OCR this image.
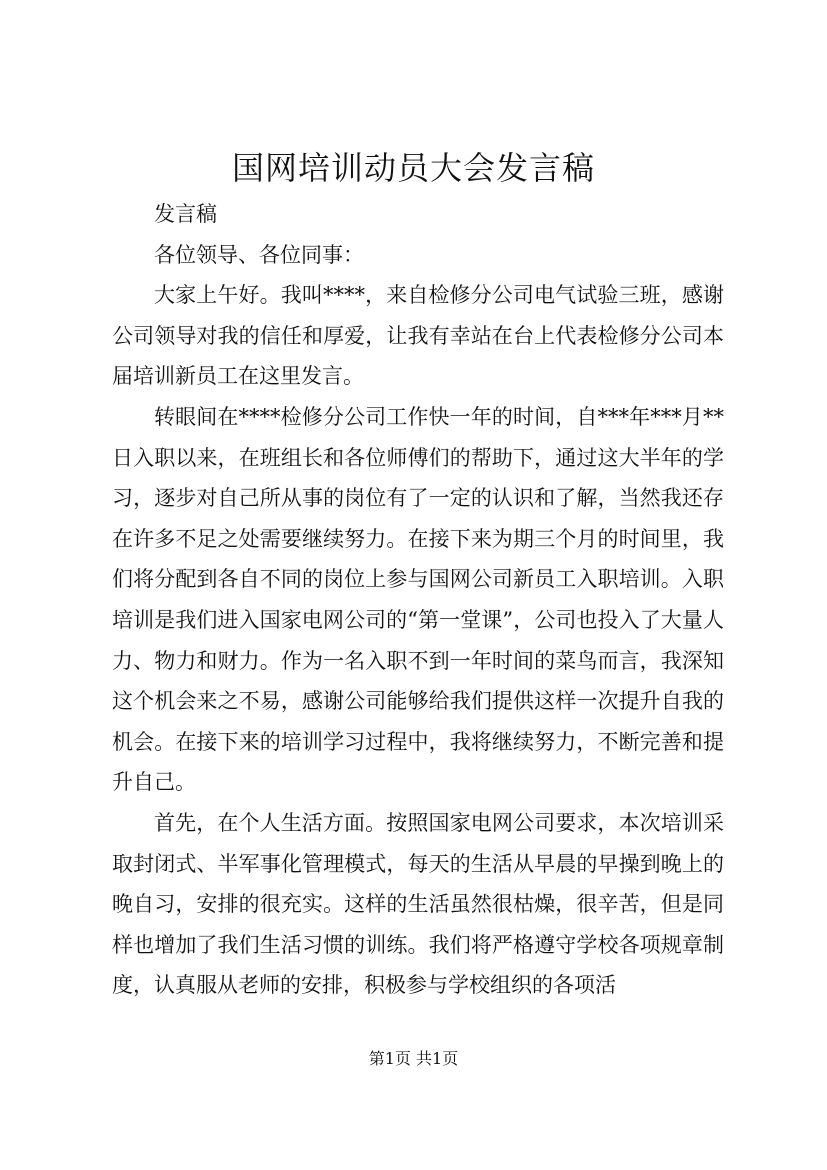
国网培训动员大会发言稿

发言稿

各位领导、各位同事：

大家上午好。我叫****，来自检修分公司电气试验三班，感谢公司领导对我的信任和厚爱，让我有幸站在台上代表检修分公司本届培训新员工在这里发言。

转眼间在****检修分公司工作快一年的时间，自***年***月**日入职以来，在班组长和各位师傅们的帮助下，通过这大半年的学习，逐步对自己所从事的岗位有了一定的认识和了解，当然我还存在许多不足之处需要继续努力。在接下来为期三个月的时间里，我们将分配到各自不同的岗位上参与国网公司新员工入职培训。入职培训是我们进入国家电网公司的“第一堂课”，公司也投入了大量人力、物力和财力。作为一名入职不到一年时间的菜鸟而言，我深知这个机会来之不易，感谢公司能够给我们提供这样一次提升自我的机会。在接下来的培训学习过程中，我将继续努力，不断完善和提升自己。

首先，在个人生活方面。按照国家电网公司要求，本次培训采取封闭式、半军事化管理模式，每天的生活从早晨的早操到晚上的晚自习，安排的很充实。这样的生活虽然很枯燥，很辛苦，但是同样也增加了我们生活习惯的训练。我们将严格遵守学校各项规章制度，认真服从老师的安排，积极参与学校组织的各项活

第1页 共1页
